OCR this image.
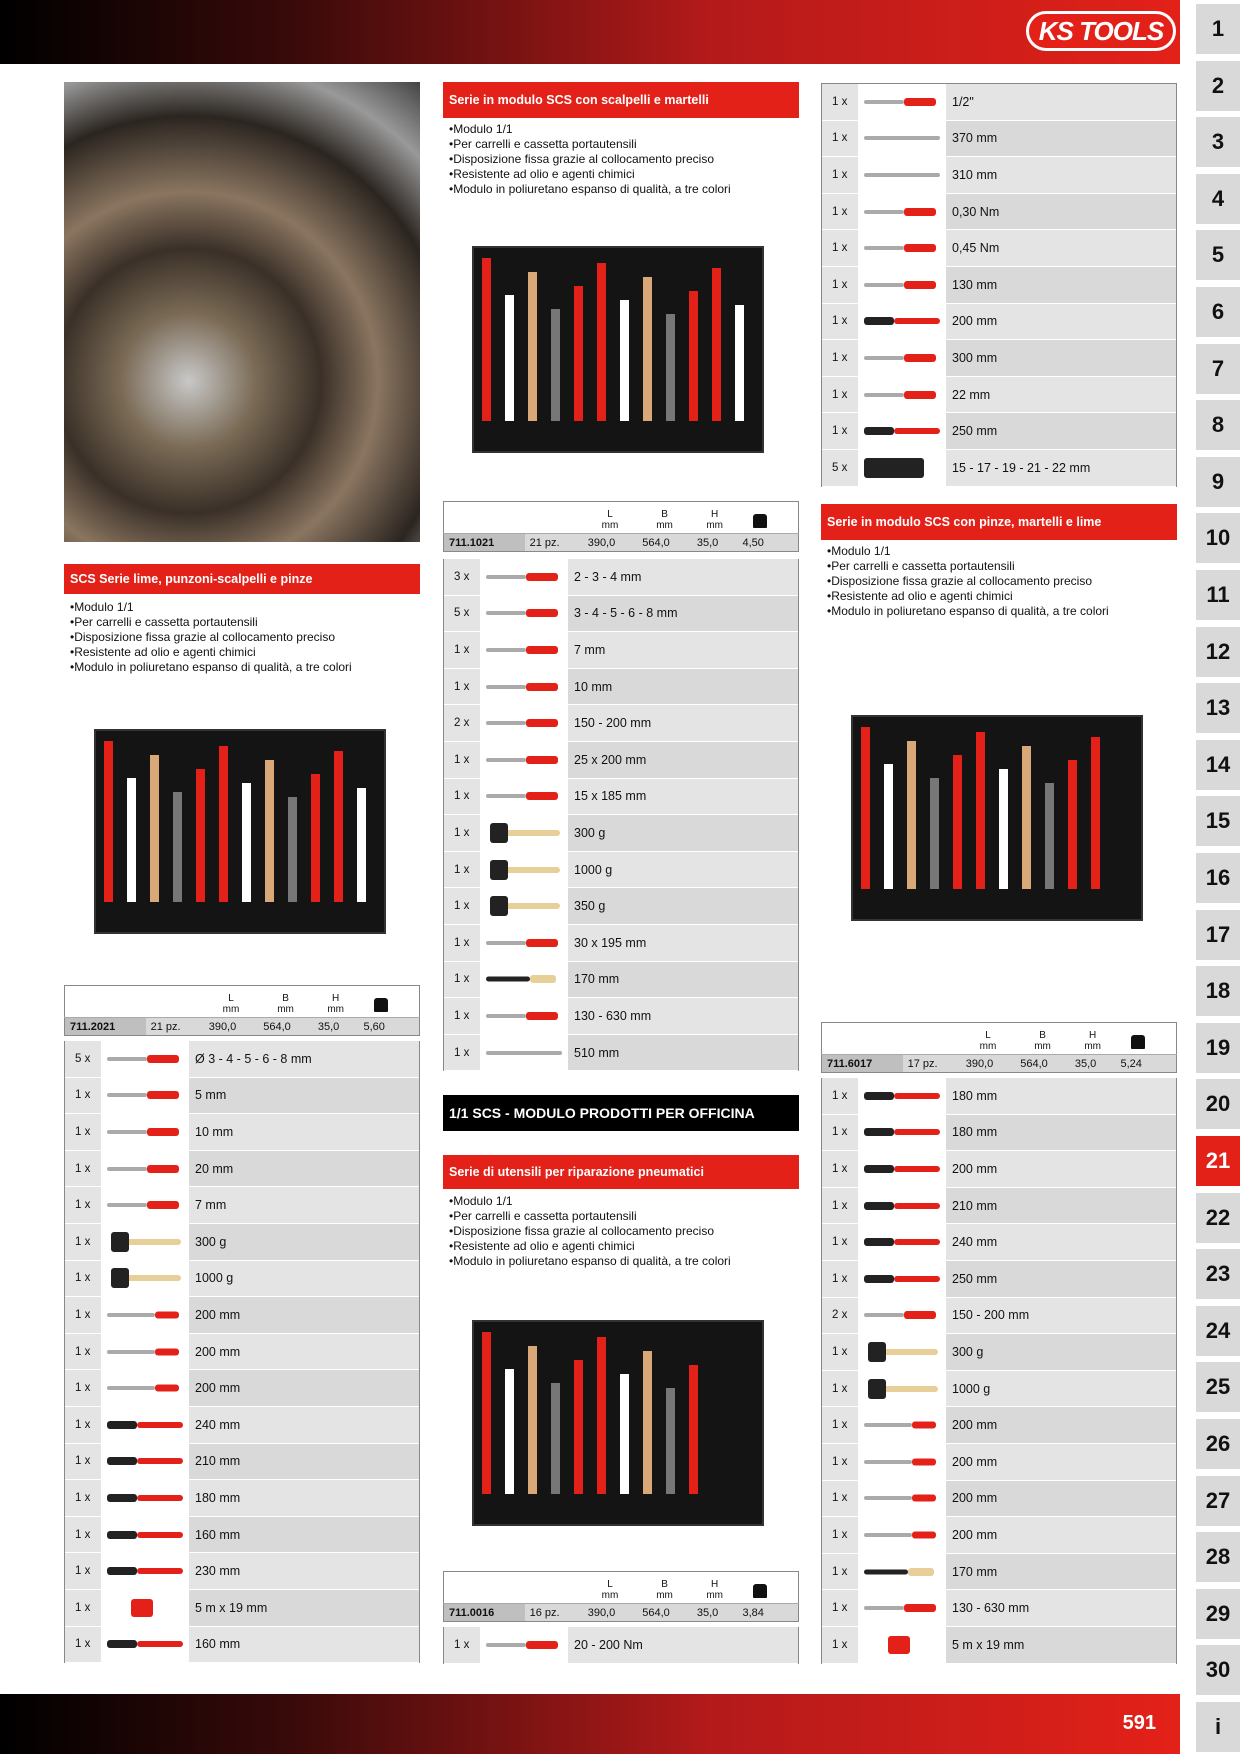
KS TOOLS	1
2
3
4
5
6
7
8
9
10
11
12
13
14
15
16
17
18
19
20
21
22
23
24
25
26
27
28
29
30
i
SCS Serie lime, punzoni-scalpelli e pinze
• Modulo 1/1
• Per carrelli e cassetta portautensili
• Disposizione fissa grazie al collocamento preciso
• Resistente ad olio e agenti chimici
• Modulo in poliuretano espanso di qualità, a tre colori
		L
mm	B
mm	H
mm		
711.2021	21 pz.	390,0	564,0	35,0	5,60	
5 x	Ø 3 - 4 - 5 - 6 - 8 mm
1 x	5 mm
1 x	10 mm
1 x	20 mm
1 x	7 mm
1 x	300 g
1 x	1000 g
1 x	200 mm
1 x	200 mm
1 x	200 mm
1 x	240 mm
1 x	210 mm
1 x	180 mm
1 x	160 mm
1 x	230 mm
1 x	5 m x 19 mm
1 x	160 mm
Serie in modulo SCS con scalpelli e martelli
• Modulo 1/1
• Per carrelli e cassetta portautensili
• Disposizione fissa grazie al collocamento preciso
• Resistente ad olio e agenti chimici
• Modulo in poliuretano espanso di qualità, a tre colori
		L
mm	B
mm	H
mm		
711.1021	21 pz.	390,0	564,0	35,0	4,50	
3 x	2 - 3 - 4 mm
5 x	3 - 4 - 5 - 6 - 8 mm
1 x	7 mm
1 x	10 mm
2 x	150 - 200 mm
1 x	25 x 200 mm
1 x	15 x 185 mm
1 x	300 g
1 x	1000 g
1 x	350 g
1 x	30 x 195 mm
1 x	170 mm
1 x	130 - 630 mm
1 x	510 mm
1/1 SCS - MODULO PRODOTTI PER OFFICINA
Serie di utensili per riparazione pneumatici
• Modulo 1/1
• Per carrelli e cassetta portautensili
• Disposizione fissa grazie al collocamento preciso
• Resistente ad olio e agenti chimici
• Modulo in poliuretano espanso di qualità, a tre colori
		L
mm	B
mm	H
mm		
711.0016	16 pz.	390,0	564,0	35,0	3,84	
1 x	20 - 200 Nm
1 x	1/2"
1 x	370 mm
1 x	310 mm
1 x	0,30 Nm
1 x	0,45 Nm
1 x	130 mm
1 x	200 mm
1 x	300 mm
1 x	22 mm
1 x	250 mm
5 x	15 - 17 - 19 - 21 - 22 mm
Serie in modulo SCS con pinze, martelli e lime
• Modulo 1/1
• Per carrelli e cassetta portautensili
• Disposizione fissa grazie al collocamento preciso
• Resistente ad olio e agenti chimici
• Modulo in poliuretano espanso di qualità, a tre colori
		L
mm	B
mm	H
mm		
711.6017	17 pz.	390,0	564,0	35,0	5,24	
1 x	180 mm
1 x	180 mm
1 x	200 mm
1 x	210 mm
1 x	240 mm
1 x	250 mm
2 x	150 - 200 mm
1 x	300 g
1 x	1000 g
1 x	200 mm
1 x	200 mm
1 x	200 mm
1 x	200 mm
1 x	170 mm
1 x	130 - 630 mm
1 x	5 m x 19 mm
591
